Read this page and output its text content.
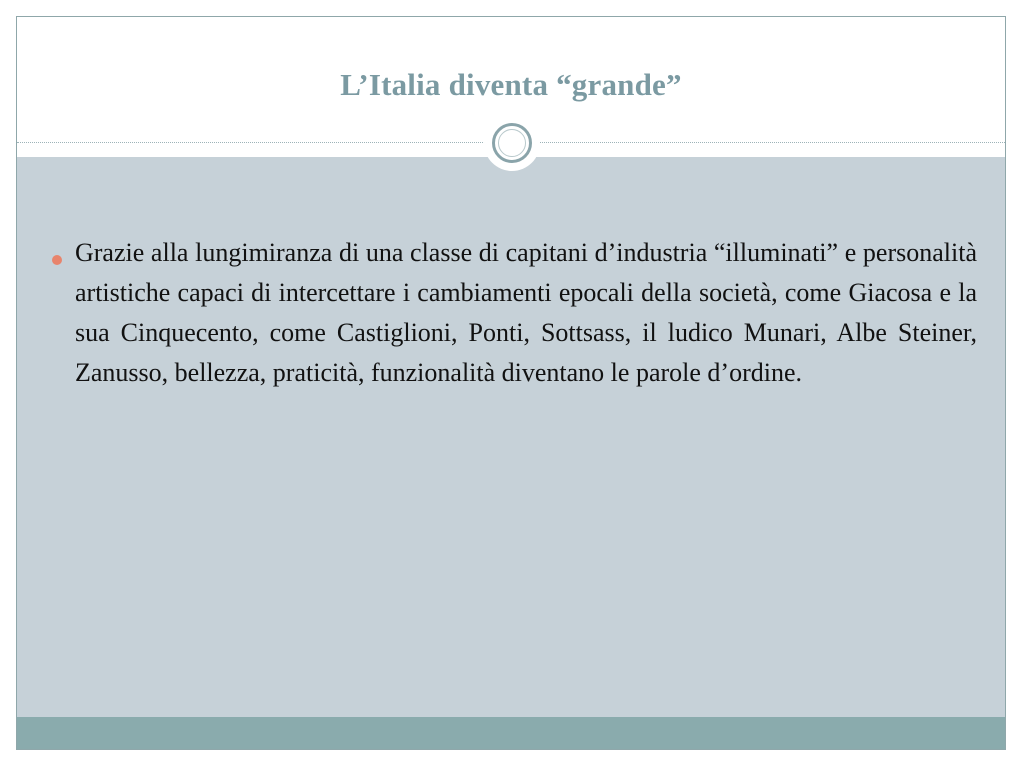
L’Italia diventa “grande”
Grazie alla lungimiranza di una classe di capitani d’industria “illuminati” e personalità artistiche capaci di intercettare i cambiamenti epocali della società, come Giacosa e la sua Cinquecento, come Castiglioni, Ponti, Sottsass, il ludico Munari, Albe Steiner, Zanusso, bellezza, praticità, funzionalità diventano le parole d’ordine.
